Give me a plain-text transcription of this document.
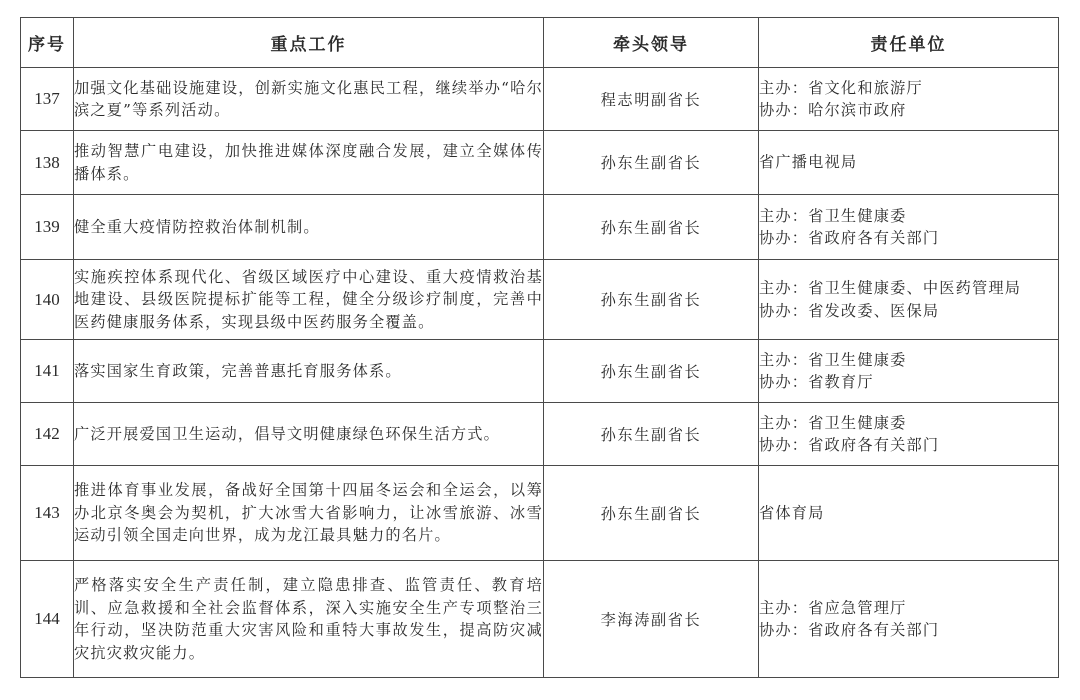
序号	重点工作	牵头领导	责任单位
137	加强文化基础设施建设，创新实施文化惠民工程，继续举办“哈尔滨之夏”等系列活动。	程志明副省长	主办：省文化和旅游厅
协办：哈尔滨市政府

138	推动智慧广电建设，加快推进媒体深度融合发展，建立全媒体传播体系。	孙东生副省长	省广播电视局

139	健全重大疫情防控救治体制机制。	孙东生副省长	主办：省卫生健康委
协办：省政府各有关部门

140	实施疾控体系现代化、省级区域医疗中心建设、重大疫情救治基地建设、县级医院提标扩能等工程，健全分级诊疗制度，完善中医药健康服务体系，实现县级中医药服务全覆盖。	孙东生副省长	主办：省卫生健康委、中医药管理局
协办：省发改委、医保局

141	落实国家生育政策，完善普惠托育服务体系。	孙东生副省长	主办：省卫生健康委
协办：省教育厅

142	广泛开展爱国卫生运动，倡导文明健康绿色环保生活方式。	孙东生副省长	主办：省卫生健康委
协办：省政府各有关部门

143	推进体育事业发展，备战好全国第十四届冬运会和全运会，以筹办北京冬奥会为契机，扩大冰雪大省影响力，让冰雪旅游、冰雪运动引领全国走向世界，成为龙江最具魅力的名片。	孙东生副省长	省体育局

144	严格落实安全生产责任制，建立隐患排查、监管责任、教育培训、应急救援和全社会监督体系，深入实施安全生产专项整治三年行动，坚决防范重大灾害风险和重特大事故发生，提高防灾减灾抗灾救灾能力。	李海涛副省长	主办：省应急管理厅
协办：省政府各有关部门
